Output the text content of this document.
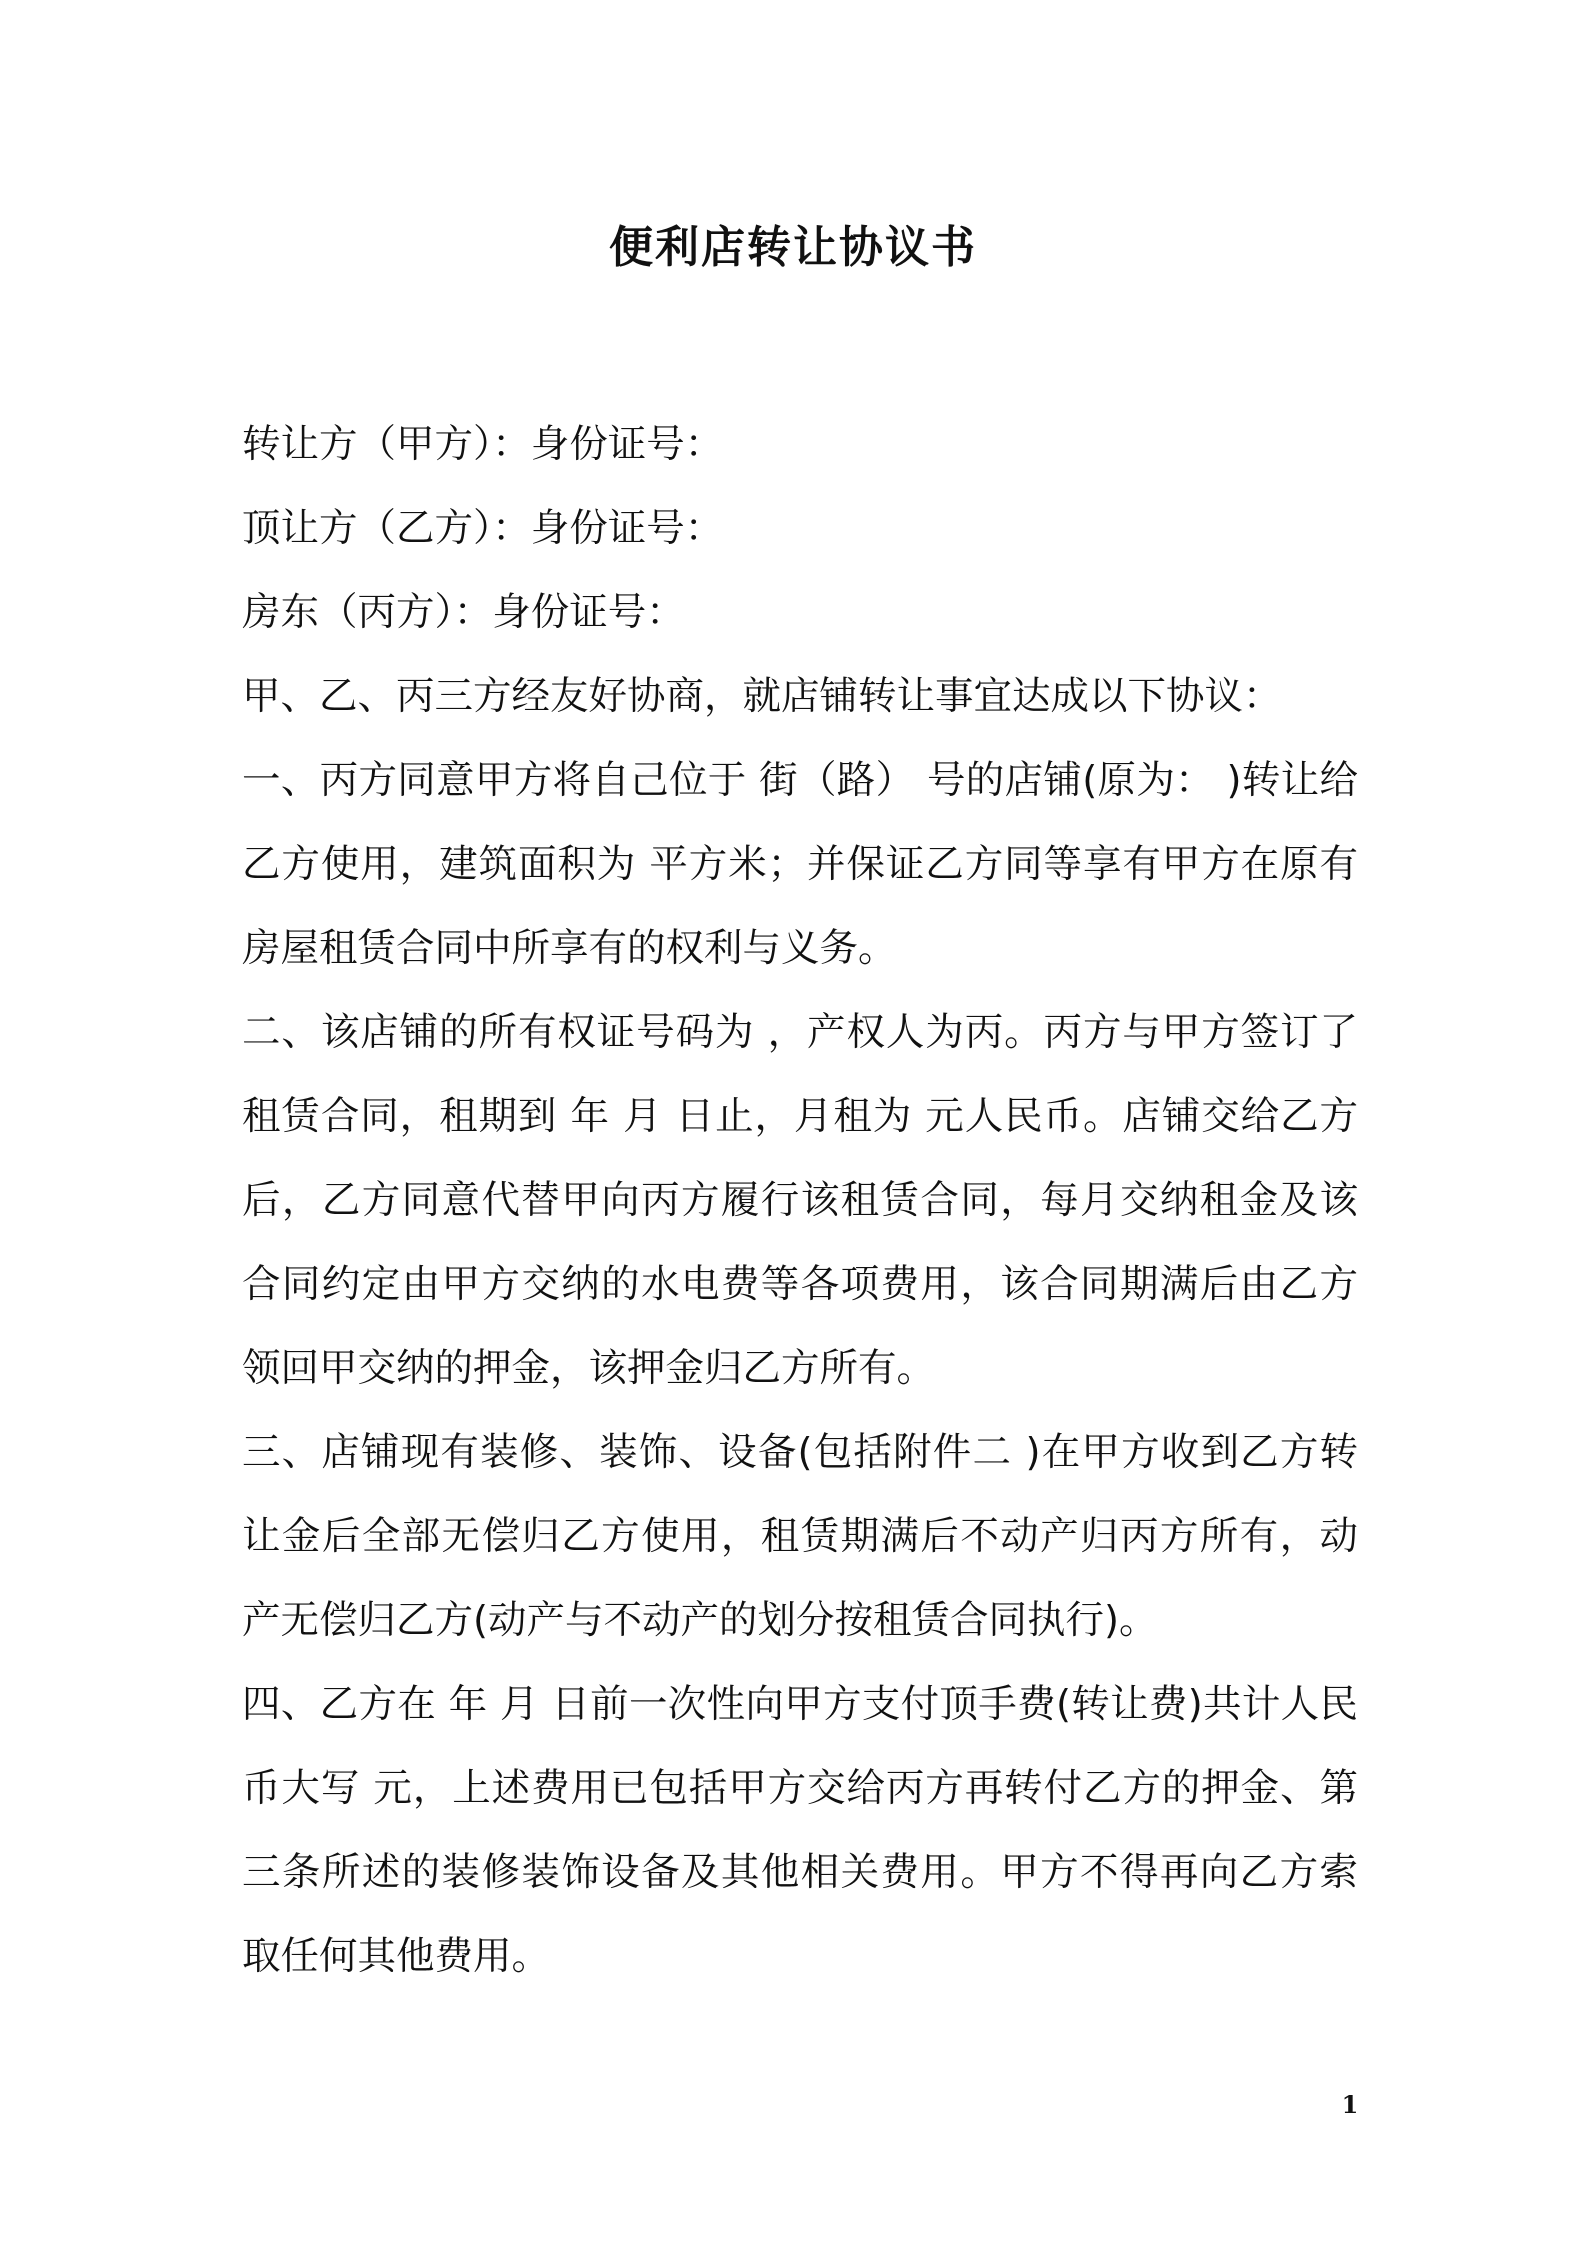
便利店转让协议书

转让方（甲方）：身份证号：

顶让方（乙方）：身份证号：

房东（丙方）：身份证号：

甲、乙、丙三方经友好协商，就店铺转让事宜达成以下协议：

一、丙方同意甲方将自己位于 街（路） 号的店铺(原为： )转让给乙方使用，建筑面积为 平方米；并保证乙方同等享有甲方在原有房屋租赁合同中所享有的权利与义务。

二、该店铺的所有权证号码为 ，产权人为丙。丙方与甲方签订了租赁合同，租期到 年 月 日止，月租为 元人民币。店铺交给乙方后，乙方同意代替甲向丙方履行该租赁合同，每月交纳租金及该合同约定由甲方交纳的水电费等各项费用，该合同期满后由乙方领回甲交纳的押金，该押金归乙方所有。

三、店铺现有装修、装饰、设备(包括附件二 )在甲方收到乙方转让金后全部无偿归乙方使用，租赁期满后不动产归丙方所有，动产无偿归乙方(动产与不动产的划分按租赁合同执行)。

四、乙方在 年 月 日前一次性向甲方支付顶手费(转让费)共计人民币大写 元，上述费用已包括甲方交给丙方再转付乙方的押金、第三条所述的装修装饰设备及其他相关费用。甲方不得再向乙方索取任何其他费用。

1
